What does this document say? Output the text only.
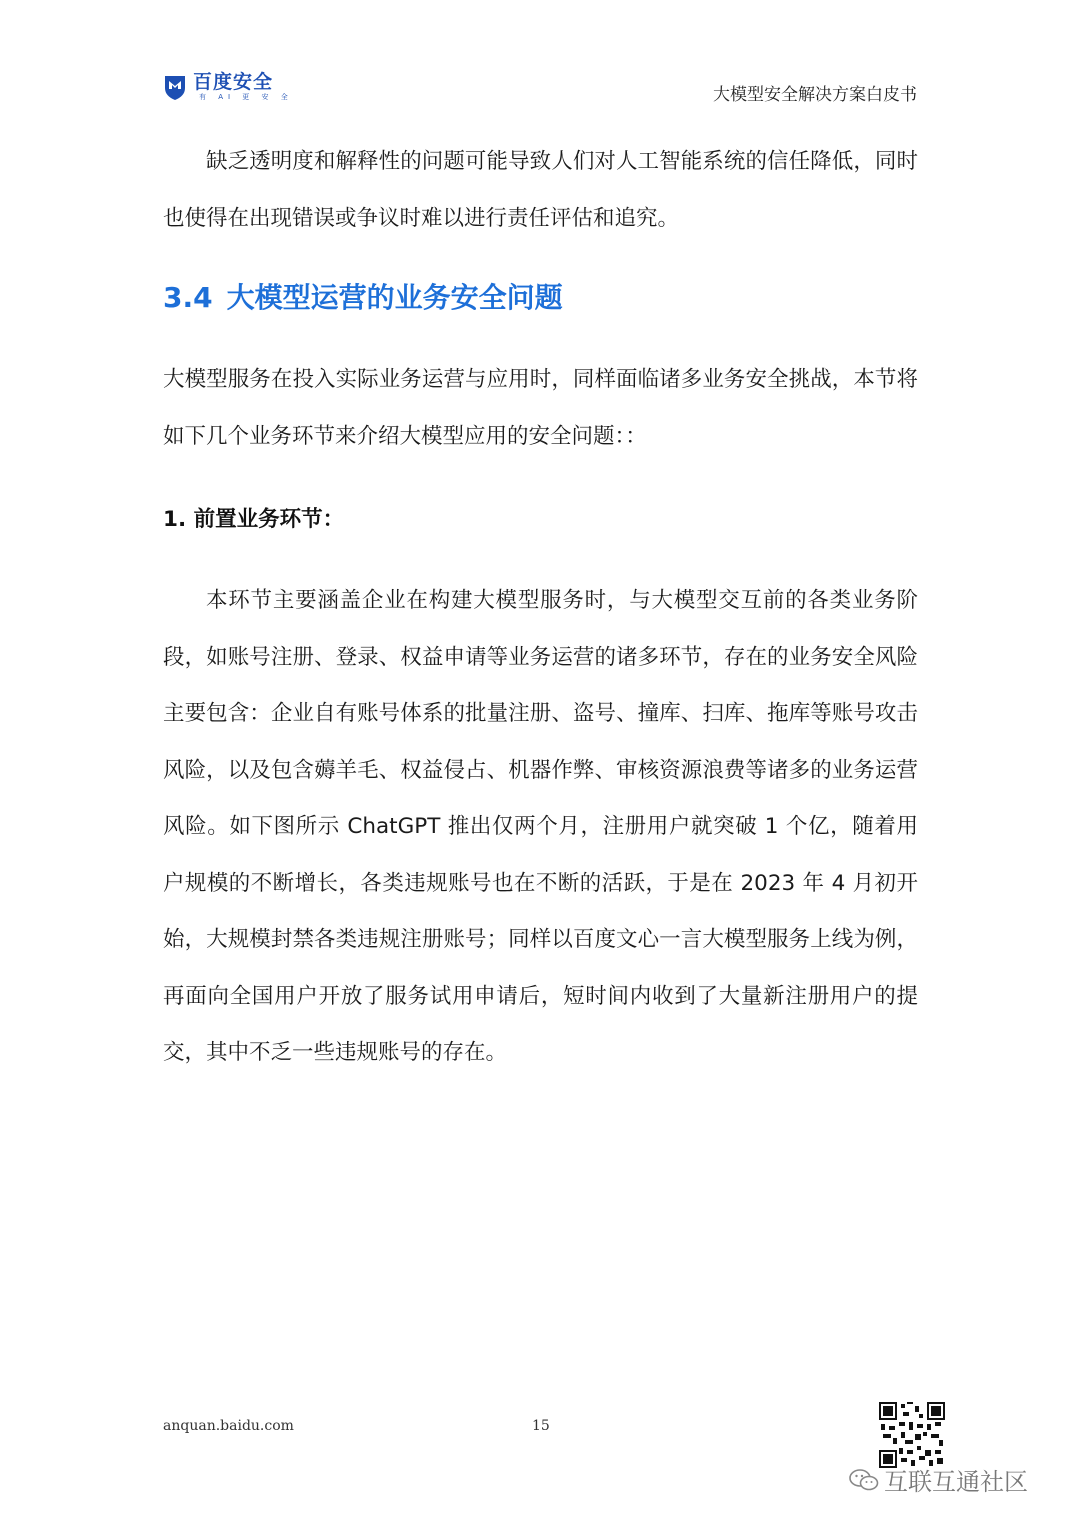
百度安全
有 AI 更 安 全	大模型安全解决方案白皮书

缺乏透明度和解释性的问题可能导致人们对人工智能系统的信任降低，同时也使得在出现错误或争议时难以进行责任评估和追究。

3.4 大模型运营的业务安全问题

大模型服务在投入实际业务运营与应用时，同样面临诸多业务安全挑战，本节将如下几个业务环节来介绍大模型应用的安全问题：：

1. 前置业务环节：

本环节主要涵盖企业在构建大模型服务时，与大模型交互前的各类业务阶段，如账号注册、登录、权益申请等业务运营的诸多环节，存在的业务安全风险主要包含：企业自有账号体系的批量注册、盗号、撞库、扫库、拖库等账号攻击风险，以及包含薅羊毛、权益侵占、机器作弊、审核资源浪费等诸多的业务运营风险。如下图所示 ChatGPT 推出仅两个月，注册用户就突破 1 个亿，随着用户规模的不断增长，各类违规账号也在不断的活跃，于是在 2023 年 4 月初开始，大规模封禁各类违规注册账号；同样以百度文心一言大模型服务上线为例，再面向全国用户开放了服务试用申请后，短时间内收到了大量新注册用户的提交，其中不乏一些违规账号的存在。

anquan.baidu.com	15
互联互通社区
